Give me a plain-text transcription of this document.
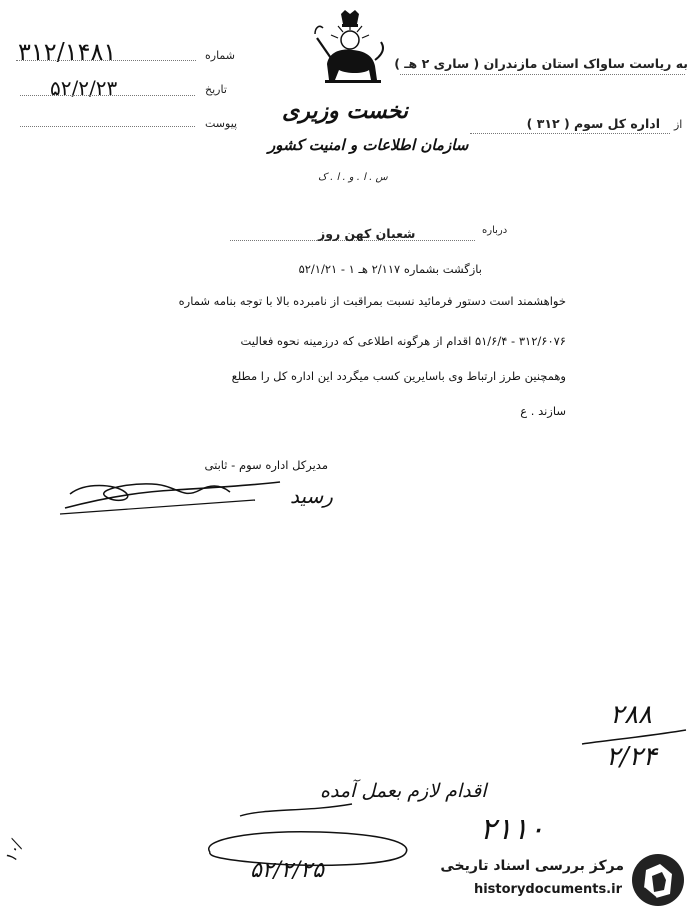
۳۱۲/۱۴۸۱	شماره
۵۲/۲/۲۳	تاریخ
پیوست نخست وزیری
سازمان اطلاعات و امنیت کشور
س . ا . و . ا . ک
به ریاست ساواک استان مازندران ( ساری ۲ هـ )
از
اداره کل سوم ( ۳۱۲ )
درباره
شعبان کهن روز
بازگشت بشماره ۲/۱۱۷ هـ ۱ - ۵۲/۱/۲۱
خواهشمند است دستور فرمائید نسبت بمراقبت از نامبرده بالا با توجه بنامه شماره
۳۱۲/۶۰۷۶ - ۵۱/۶/۴ اقدام از هرگونه اطلاعی که درزمینه نحوه فعالیت
وهمچنین طرز ارتباط وی باسایرین کسب میگردد این اداره کل را مطلع
سازند . ع
مدیرکل اداره سوم - ثابتی
رسید
۲۸۸
۲/۲۴
اقدام لازم بعمل آمده
۲۱۱۰
۵۲/۲/۲۵
۱۰/
مرکز بررسی اسناد تاریخی
historydocuments.ir
